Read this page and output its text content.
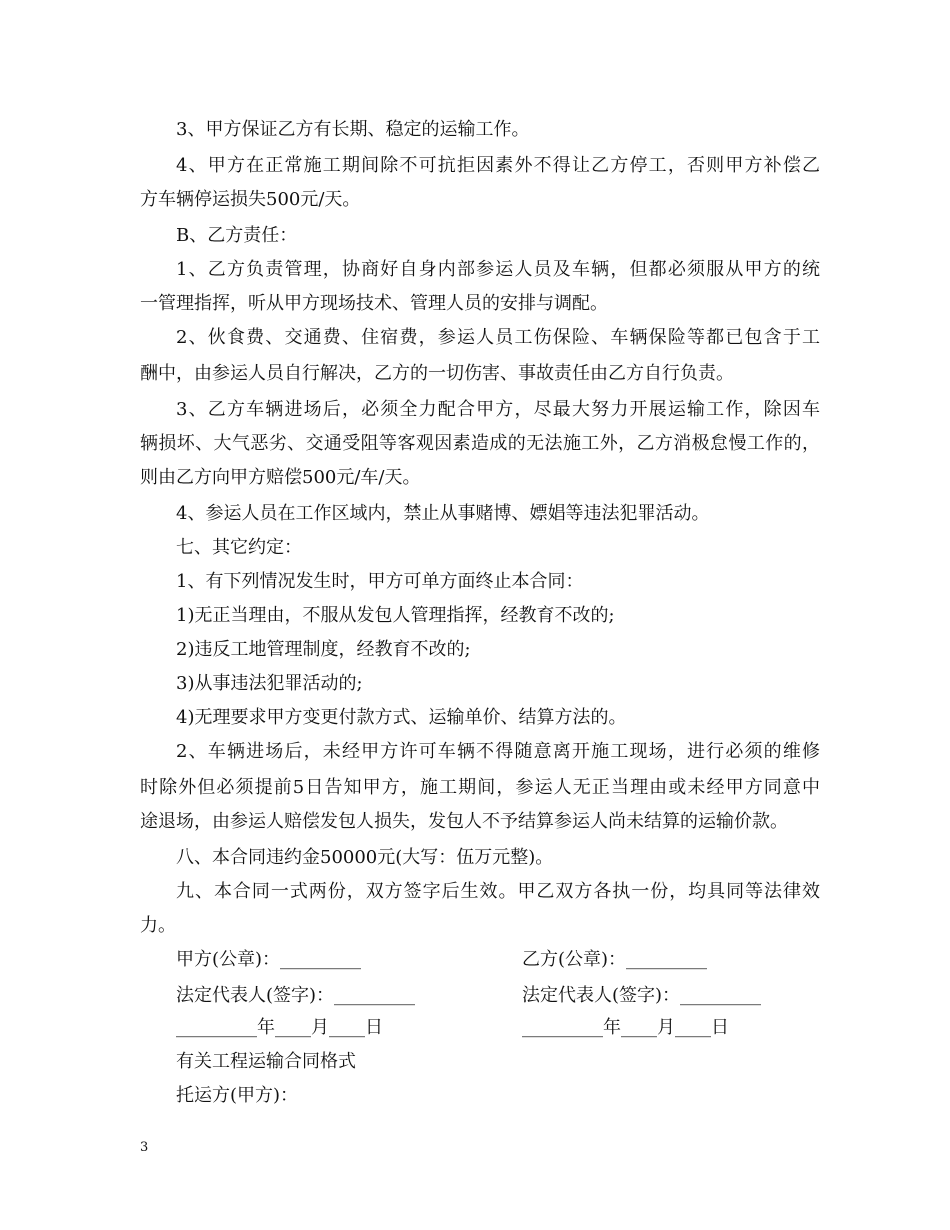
3、甲方保证乙方有长期、稳定的运输工作。
4、甲方在正常施工期间除不可抗拒因素外不得让乙方停工，否则甲方补偿乙
方车辆停运损失500元/天。
B、乙方责任：
1、乙方负责管理，协商好自身内部参运人员及车辆，但都必须服从甲方的统
一管理指挥，听从甲方现场技术、管理人员的安排与调配。
2、伙食费、交通费、住宿费，参运人员工伤保险、车辆保险等都已包含于工
酬中，由参运人员自行解决，乙方的一切伤害、事故责任由乙方自行负责。
3、乙方车辆进场后，必须全力配合甲方，尽最大努力开展运输工作，除因车
辆损坏、大气恶劣、交通受阻等客观因素造成的无法施工外，乙方消极怠慢工作的，
则由乙方向甲方赔偿500元/车/天。
4、参运人员在工作区域内，禁止从事赌博、嫖娼等违法犯罪活动。
七、其它约定：
1、有下列情况发生时，甲方可单方面终止本合同：
1)无正当理由，不服从发包人管理指挥，经教育不改的;
2)违反工地管理制度，经教育不改的;
3)从事违法犯罪活动的;
4)无理要求甲方变更付款方式、运输单价、结算方法的。
2、车辆进场后，未经甲方许可车辆不得随意离开施工现场，进行必须的维修
时除外但必须提前5日告知甲方，施工期间，参运人无正当理由或未经甲方同意中
途退场，由参运人赔偿发包人损失，发包人不予结算参运人尚未结算的运输价款。
八、本合同违约金50000元(大写：伍万元整)。
九、本合同一式两份，双方签字后生效。甲乙双方各执一份，均具同等法律效
力。
甲方(公章)：_________	乙方(公章)：_________
法定代表人(签字)：_________	法定代表人(签字)：_________
_________年____月____日	_________年____月____日
有关工程运输合同格式
托运方(甲方)：
3
